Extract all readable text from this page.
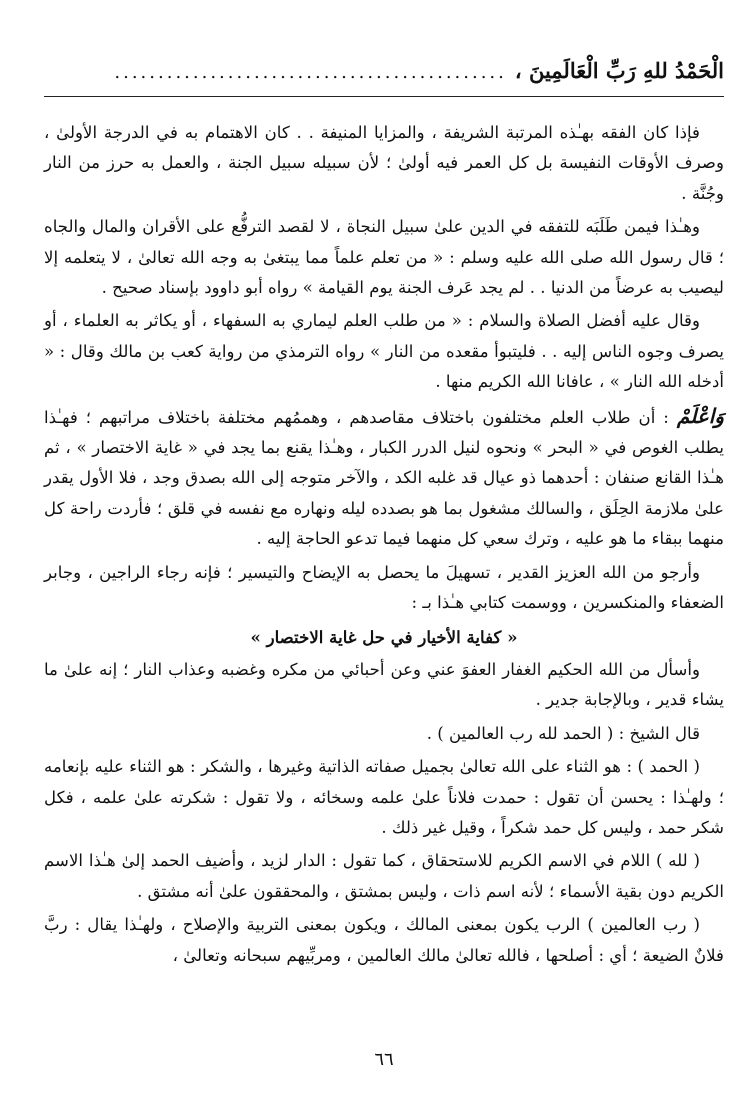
الْحَمْدُ للهِ رَبِّ الْعَالَمِينَ ،
.............................................

فإذا كان الفقه بهـٰذه المرتبة الشريفة ، والمزايا المنيفة . . كان الاهتمام به في الدرجة الأولىٰ ، وصرف الأوقات النفيسة بل كل العمر فيه أولىٰ ؛ لأن سبيله سبيل الجنة ، والعمل به حرز من النار وجُنَّة .

وهـٰذا فيمن طَلَبَه للتفقه في الدين علىٰ سبيل النجاة ، لا لقصد الترفُّع على الأقران والمال والجاه ؛ قال رسول الله صلى الله عليه وسلم : « من تعلم علماً مما يبتغىٰ به وجه الله تعالىٰ ، لا يتعلمه إلا ليصيب به عرضاً من الدنيا . . لم يجد عَرف الجنة يوم القيامة » رواه أبو داوود بإسناد صحيح .

وقال عليه أفضل الصلاة والسلام : « من طلب العلم ليماري به السفهاء ، أو يكاثر به العلماء ، أو يصرف وجوه الناس إليه . . فليتبوأ مقعده من النار » رواه الترمذي من رواية كعب بن مالك وقال : « أدخله الله النار » ، عافانا الله الكريم منها .

وَاعْلَمْ : أن طلاب العلم مختلفون باختلاف مقاصدهم ، وهممُهم مختلفة باختلاف مراتبهم ؛ فهـٰذا يطلب الغوص في « البحر » ونحوه لنيل الدرر الكبار ، وهـٰذا يقنع بما يجد في « غاية الاختصار » ، ثم هـٰذا القانع صنفان : أحدهما ذو عيال قد غلبه الكد ، والآخر متوجه إلى الله بصدق وجد ، فلا الأول يقدر علىٰ ملازمة الحِلَق ، والسالك مشغول بما هو بصدده ليله ونهاره مع نفسه في قلق ؛ فأردت راحة كل منهما ببقاء ما هو عليه ، وترك سعي كل منهما فيما تدعو الحاجة إليه .

وأرجو من الله العزيز القدير ، تسهيلَ ما يحصل به الإيضاح والتيسير ؛ فإنه رجاء الراجين ، وجابر الضعفاء والمنكسرين ، ووسمت كتابي هـٰذا بـ :

« كفاية الأخيار في حل غاية الاختصار »

وأسأل من الله الحكيم الغفار العفوَ عني وعن أحبائي من مكره وغضبه وعذاب النار ؛ إنه علىٰ ما يشاء قدير ، وبالإجابة جدير .

قال الشيخ : ( الحمد لله رب العالمين ) .

( الحمد ) : هو الثناء على الله تعالىٰ بجميل صفاته الذاتية وغيرها ، والشكر : هو الثناء عليه بإنعامه ؛ ولهـٰذا : يحسن أن تقول : حمدت فلاناً علىٰ علمه وسخائه ، ولا تقول : شكرته علىٰ علمه ، فكل شكر حمد ، وليس كل حمد شكراً ، وقيل غير ذلك .

( لله ) اللام في الاسم الكريم للاستحقاق ، كما تقول : الدار لزيد ، وأضيف الحمد إلىٰ هـٰذا الاسم الكريم دون بقية الأسماء ؛ لأنه اسم ذات ، وليس بمشتق ، والمحققون علىٰ أنه مشتق .

( رب العالمين ) الرب يكون بمعنى المالك ، ويكون بمعنى التربية والإصلاح ، ولهـٰذا يقال : ربَّ فلانٌ الضيعة ؛ أي : أصلحها ، فالله تعالىٰ مالك العالمين ، ومربِّيهم سبحانه وتعالىٰ ،

٦٦
